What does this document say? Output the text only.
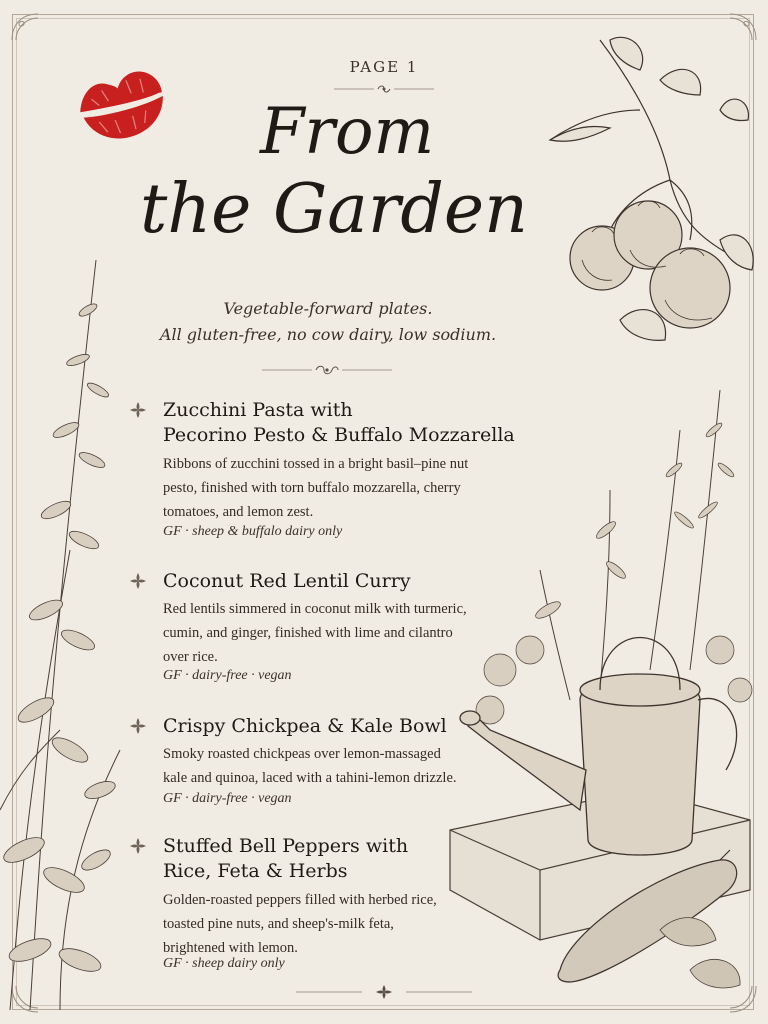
PAGE 1
From
the Garden
Vegetable-forward plates.
All gluten-free, no cow dairy, low sodium.
Zucchini Pasta with
Pecorino Pesto & Buffalo Mozzarella
Ribbons of zucchini tossed in a bright basil–pine nut
pesto, finished with torn buffalo mozzarella, cherry
tomatoes, and lemon zest.
GF · sheep & buffalo dairy only
Coconut Red Lentil Curry
Red lentils simmered in coconut milk with turmeric,
cumin, and ginger, finished with lime and cilantro
over rice.
GF · dairy-free · vegan
Crispy Chickpea & Kale Bowl
Smoky roasted chickpeas over lemon-massaged
kale and quinoa, laced with a tahini-lemon drizzle.
GF · dairy-free · vegan
Stuffed Bell Peppers with
Rice, Feta & Herbs
Golden-roasted peppers filled with herbed rice,
toasted pine nuts, and sheep's-milk feta,
brightened with lemon.
GF · sheep dairy only
